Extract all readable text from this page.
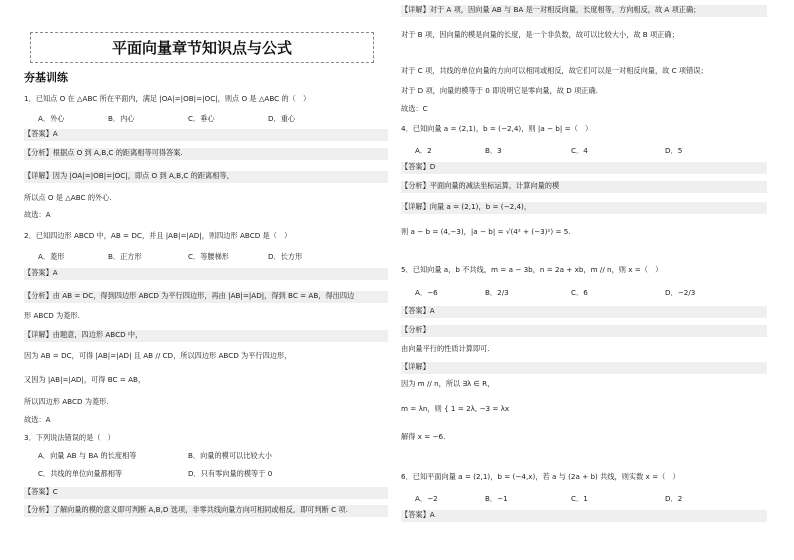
平面向量章节知识点与公式
夯基训练
1．已知点 O 在 △ABC 所在平面内，满足 |OA|=|OB|=|OC|，则点 O 是 △ABC 的（　）
A．外心	B．内心	C．垂心	D．重心
【答案】A
【分析】根据点 O 到 A,B,C 的距离相等可得答案.
【详解】因为 |OA|=|OB|=|OC|，即点 O 到 A,B,C 的距离相等，
所以点 O 是 △ABC 的外心.
故选：A
2．已知四边形 ABCD 中，AB = DC，并且 |AB|=|AD|，则四边形 ABCD 是（　）
A．菱形	B．正方形	C．等腰梯形	D．长方形
【答案】A
【分析】由 AB = DC，得到四边形 ABCD 为平行四边形，再由 |AB|=|AD|，得到 BC = AB，得出四边
形 ABCD 为菱形.
【详解】由题意，四边形 ABCD 中，
因为 AB = DC，可得 |AB|=|AD| 且 AB // CD，所以四边形 ABCD 为平行四边形，
又因为 |AB|=|AD|，可得 BC = AB，
所以四边形 ABCD 为菱形.
故选：A
3．下列说法错误的是（　）
A．向量 AB 与 BA 的长度相等	B．向量的模可以比较大小
C．共线的单位向量都相等	D．只有零向量的模等于 0
【答案】C
【分析】了解向量的模的意义即可判断 A,B,D 选项，非零共线向量方向可相同或相反，即可判断 C 项.
【详解】对于 A 项，因向量 AB 与 BA 是一对相反向量，长度相等，方向相反，故 A 项正确；
对于 B 项，因向量的模是向量的长度，是一个非负数，故可以比较大小，故 B 项正确；
对于 C 项，共线的单位向量的方向可以相同或相反，故它们可以是一对相反向量，故 C 项错误；
对于 D 项，向量的模等于 0 即说明它是零向量，故 D 项正确.
故选：C
4．已知向量 a = (2,1)，b = (−2,4)，则 |a − b| =（　）
A．2	B．3	C．4	D．5
【答案】D
【分析】平面向量的减法坐标运算，计算向量的模
【详解】向量 a = (2,1)，b = (−2,4)，
则 a − b = (4,−3)，|a − b| = √(4² + (−3)²) = 5.
5．已知向量 a，b 不共线，m = a − 3b，n = 2a + xb，m // n，则 x =（　）
A．−6	B．2/3	C．6	D．−2/3
【答案】A
【分析】
由向量平行的性质计算即可.
【详解】
因为 m // n，所以 ∃λ ∈ R，
m = λn，则 { 1 = 2λ, −3 = λx
解得 x = −6.
6．已知平面向量 a = (2,1)，b = (−4,x)，若 a 与 (2a + b) 共线，则实数 x =（　）
A．−2	B．−1	C．1	D．2
【答案】A
